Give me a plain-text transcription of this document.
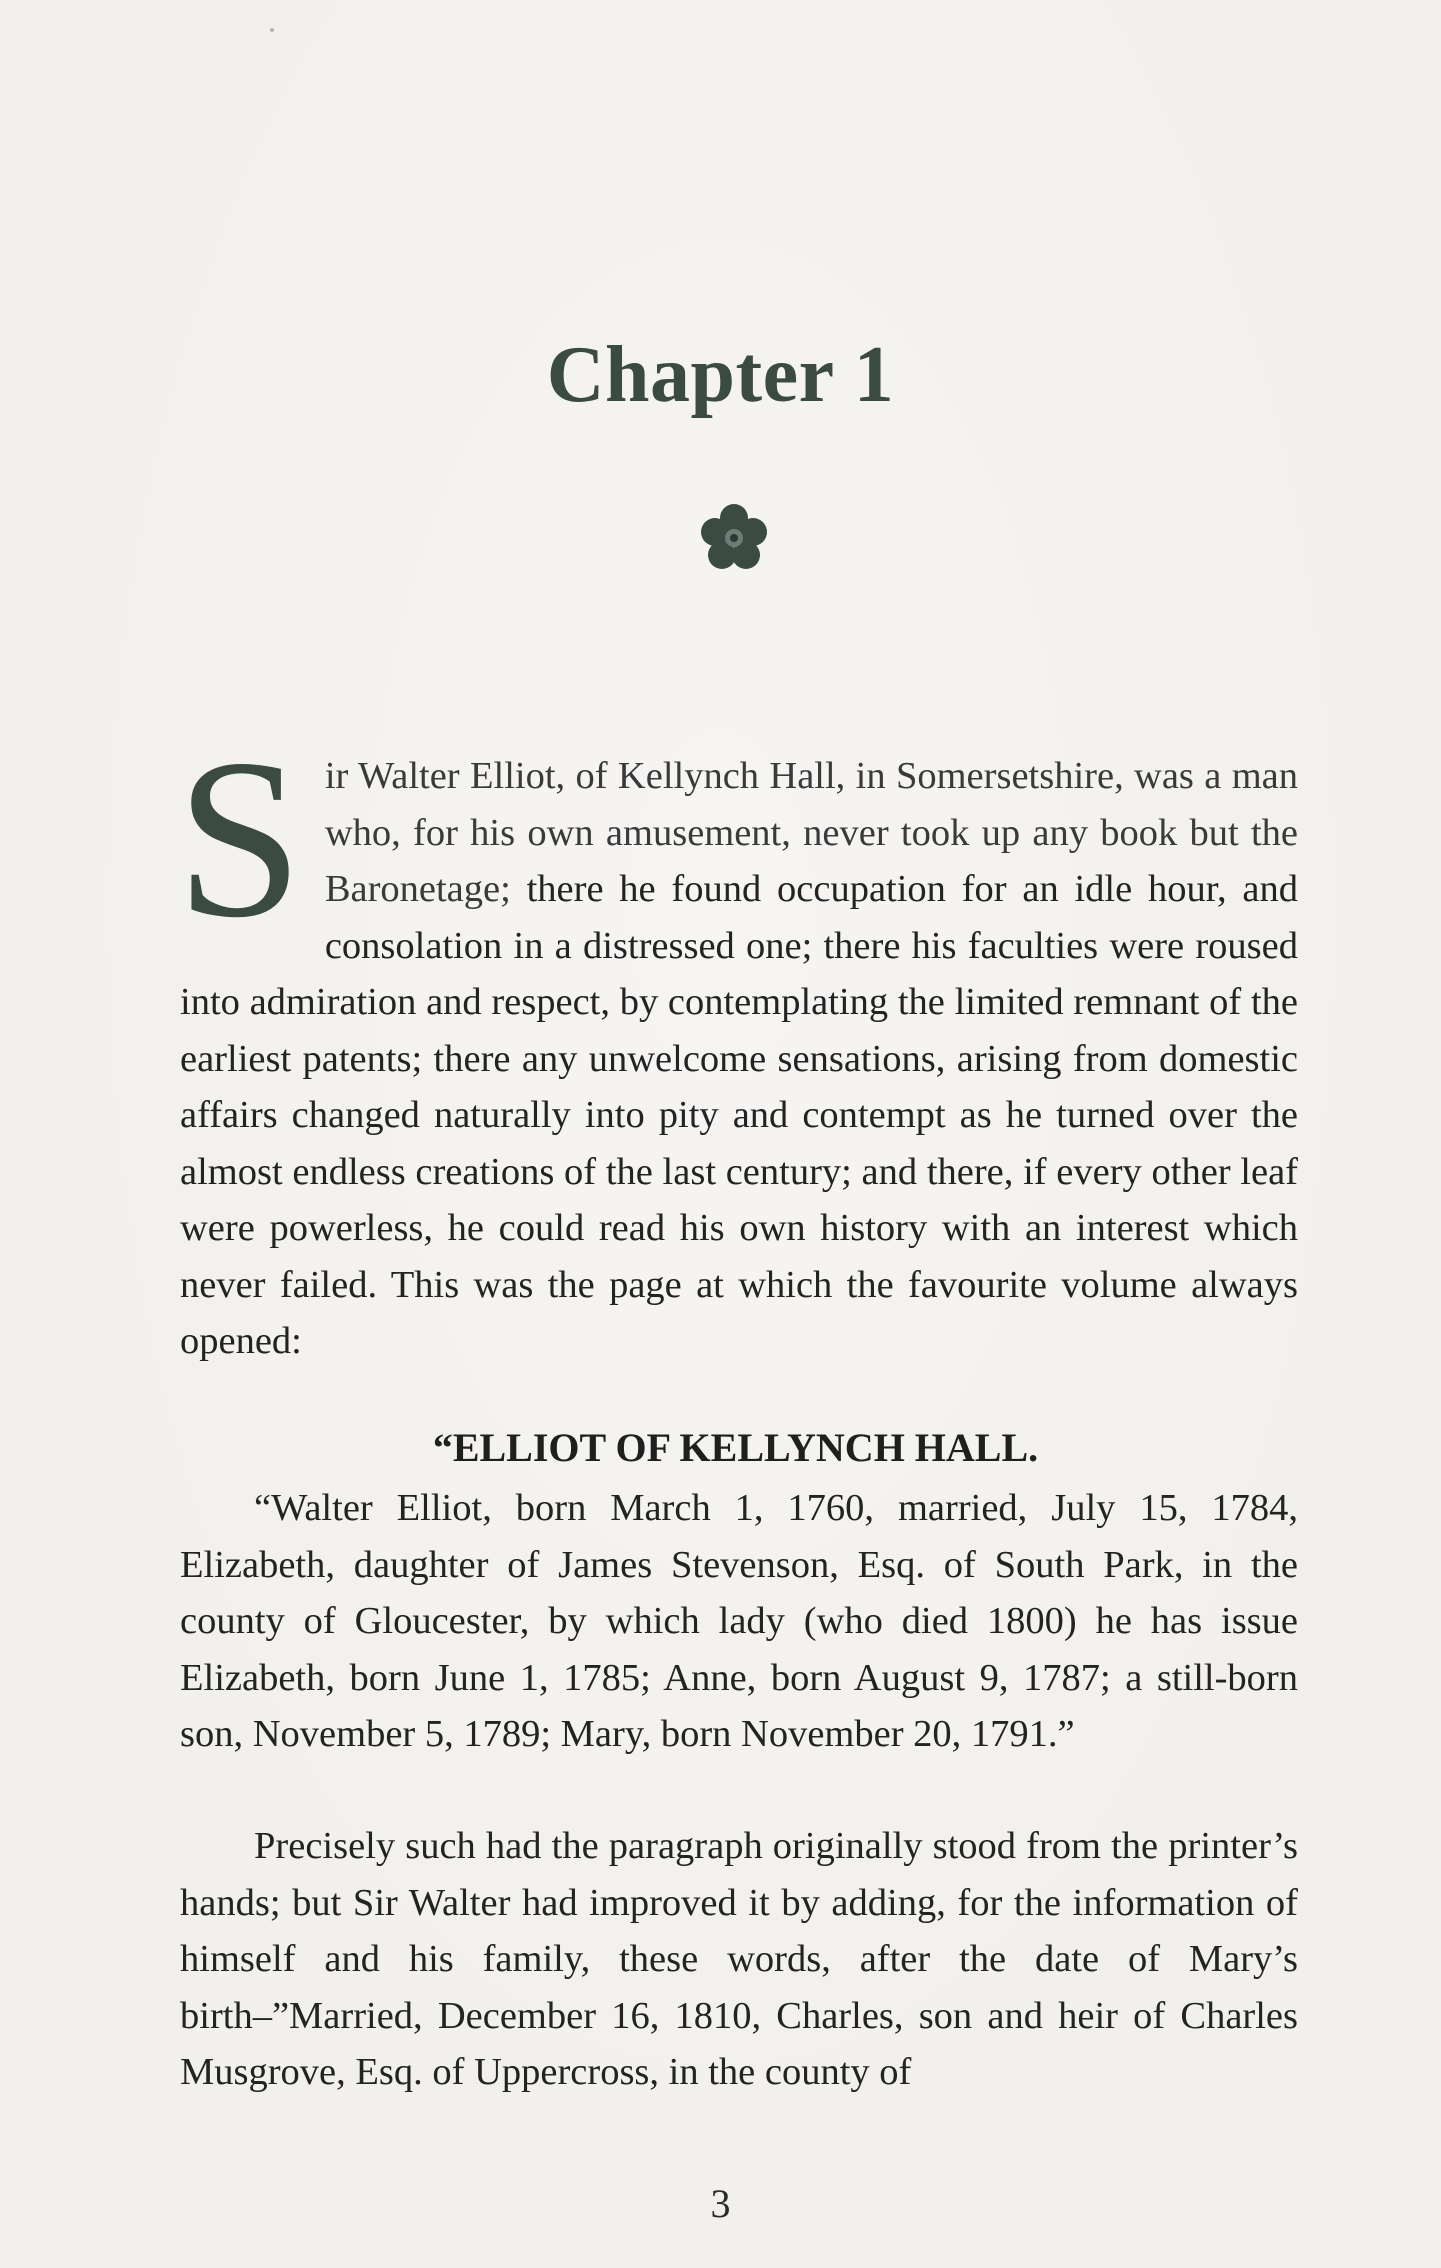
Chapter 1
Sir Walter Elliot, of Kellynch Hall, in Somersetshire, was a man who, for his own amusement, never took up any book but the Baronetage; there he found occupation for an idle hour, and consolation in a distressed one; there his faculties were roused into admiration and respect, by contemplating the limited remnant of the earliest patents; there any unwelcome sensations, arising from domestic affairs changed naturally into pity and contempt as he turned over the almost endless creations of the last century; and there, if every other leaf were powerless, he could read his own history with an interest which never failed. This was the page at which the favourite volume always opened:
“ELLIOT OF KELLYNCH HALL.
“Walter Elliot, born March 1, 1760, married, July 15, 1784, Elizabeth, daughter of James Stevenson, Esq. of South Park, in the county of Gloucester, by which lady (who died 1800) he has issue Elizabeth, born June 1, 1785; Anne, born August 9, 1787; a still-born son, November 5, 1789; Mary, born November 20, 1791.”
Precisely such had the paragraph originally stood from the printer’s hands; but Sir Walter had improved it by adding, for the information of himself and his family, these words, after the date of Mary’s birth–”Married, December 16, 1810, Charles, son and heir of Charles Musgrove, Esq. of Uppercross, in the county of
3
